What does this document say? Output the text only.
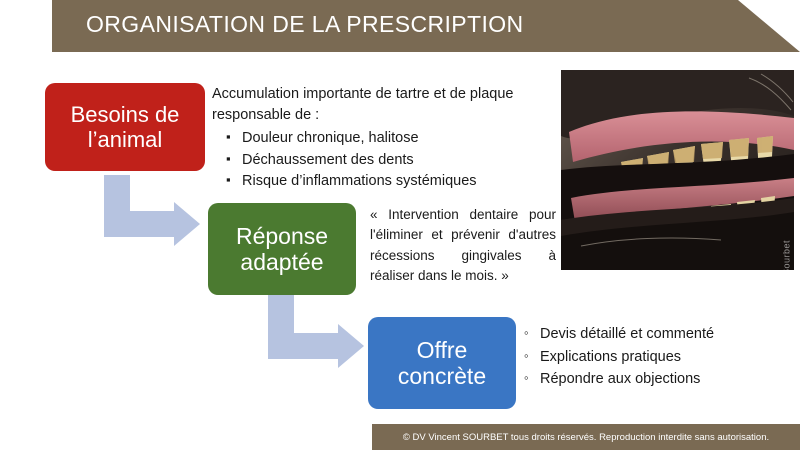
ORGANISATION DE LA PRESCRIPTION
Besoins de l’animal
Réponse adaptée
Offre concrète

Accumulation importante de tartre et de plaque responsable de :

▪ Douleur chronique, halitose
▪ Déchaussement des dents
▪ Risque d’inflammations systémiques
« Intervention dentaire pour l'éliminer et prévenir d'autres récessions gingivales à réaliser dans le mois. »
◦ Devis détaillé et commenté
◦ Explications pratiques
◦ Répondre aux objections
Vincent Sourbet
© DV Vincent SOURBET tous droits réservés. Reproduction interdite sans autorisation.
